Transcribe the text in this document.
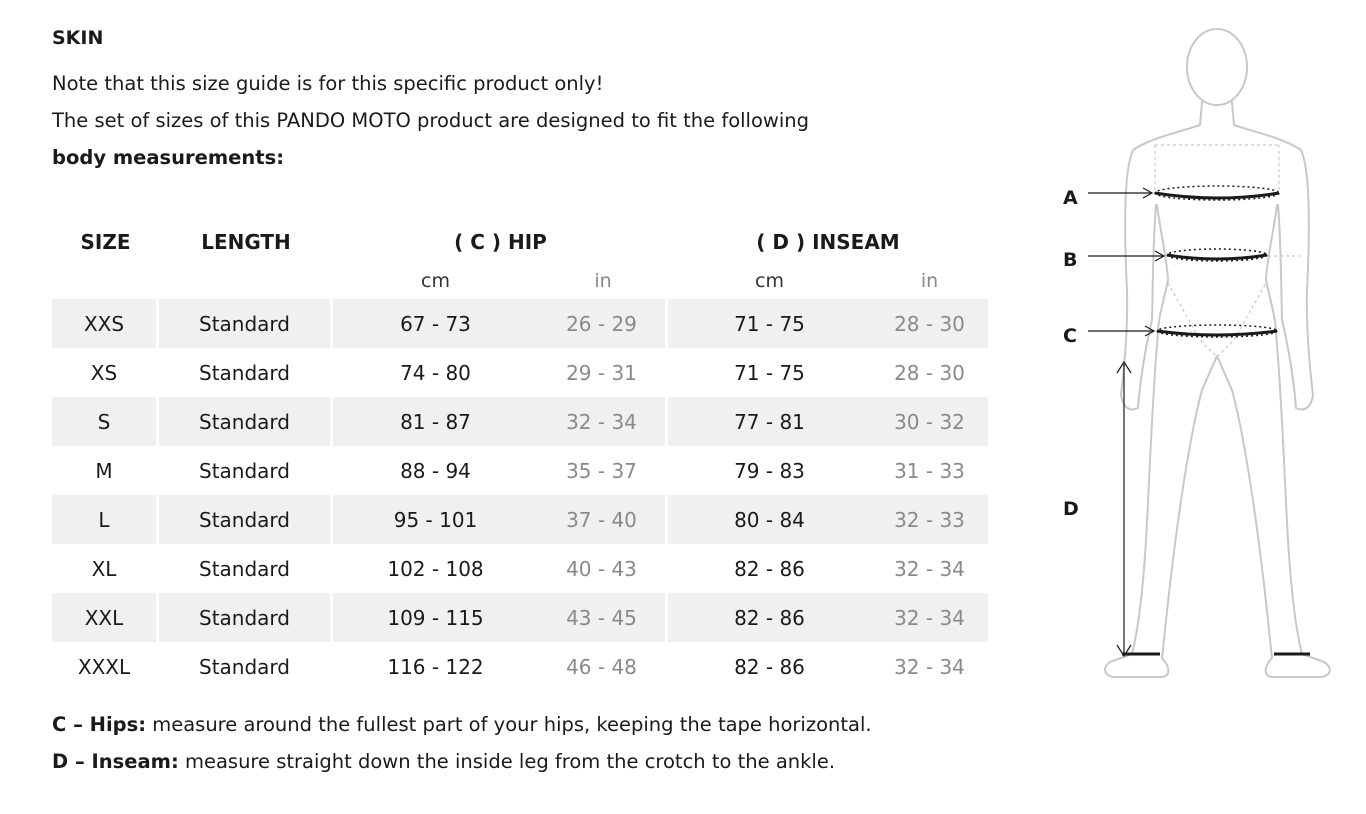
SKIN
Note that this size guide is for this specific product only!
The set of sizes of this PANDO MOTO product are designed to fit the following
body measurements:
SIZE	LENGTH	( C ) HIP		( D ) INSEAM	
		cm	in	cm	in
XXS	Standard	67 - 73	26 - 29	71 - 75	28 - 30
XS	Standard	74 - 80	29 - 31	71 - 75	28 - 30
S	Standard	81 - 87	32 - 34	77 - 81	30 - 32
M	Standard	88 - 94	35 - 37	79 - 83	31 - 33
L	Standard	95 - 101	37 - 40	80 - 84	32 - 33
XL	Standard	102 - 108	40 - 43	82 - 86	32 - 34
XXL	Standard	109 - 115	43 - 45	82 - 86	32 - 34
XXXL	Standard	116 - 122	46 - 48	82 - 86	32 - 34
C – Hips: measure around the fullest part of your hips, keeping the tape horizontal.
D – Inseam: measure straight down the inside leg from the crotch to the ankle.
A
B
C
D
